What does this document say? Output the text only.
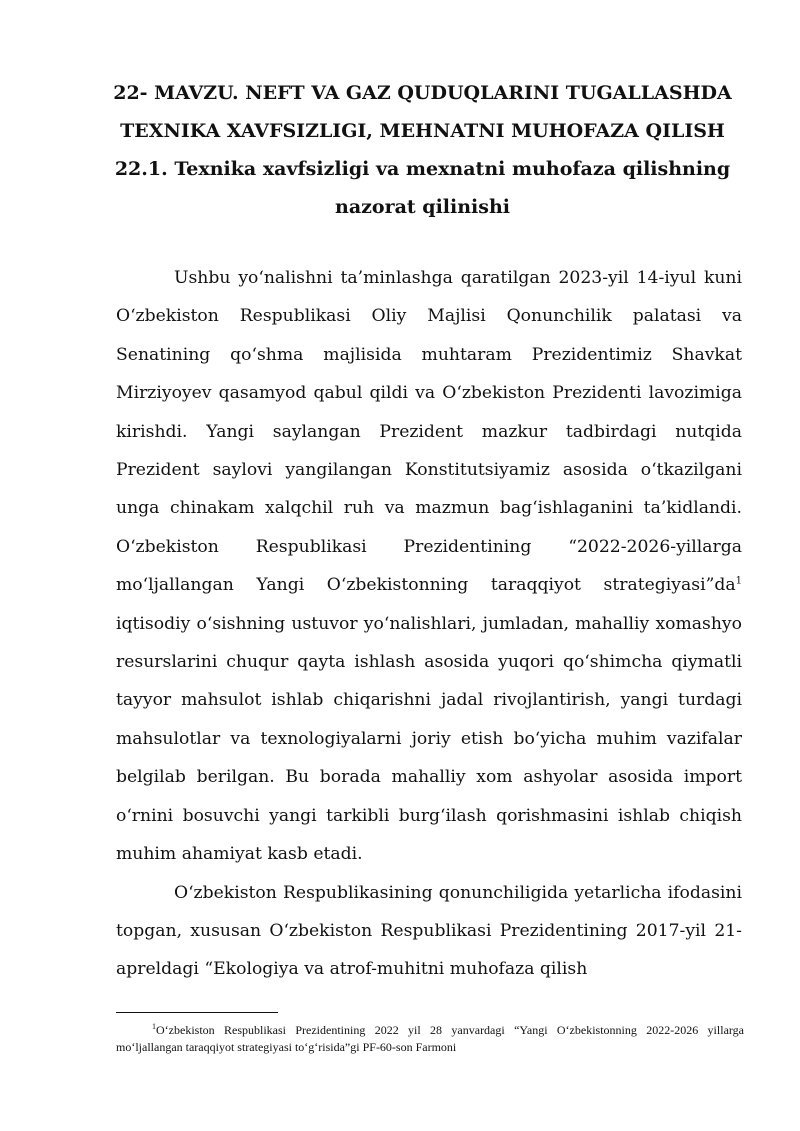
22- MAVZU. NEFT VA GAZ QUDUQLARINI TUGALLASHDA
TEXNIKA XAVFSIZLIGI, MEHNATNI MUHOFAZA QILISH
22.1. Texnika xavfsizligi va mexnatni muhofaza qilishning
nazorat qilinishi

Ushbu yo‘nalishni ta’minlashga qaratilgan 2023-yil 14-iyul kuni O‘zbekiston Respublikasi Oliy Majlisi Qonunchilik palatasi va Senatining qo‘shma majlisida muhtaram Prezidentimiz Shavkat Mirziyoyev qasamyod qabul qildi va O‘zbekiston Prezidenti lavozimiga kirishdi. Yangi saylangan Prezident mazkur tadbirdagi nutqida Prezident saylovi yangilangan Konstitutsiyamiz asosida o‘tkazilgani unga chinakam xalqchil ruh va mazmun bag‘ishlaganini ta’kidlandi. O‘zbekiston Respublikasi Prezidentining “2022-2026-yillarga mo‘ljallangan Yangi O‘zbekistonning taraqqiyot $strategiyasi”da^1$ iqtisodiy o‘sishning ustuvor yo‘nalishlari, jumladan, mahalliy xomashyo resurslarini chuqur qayta ishlash asosida yuqori qo‘shimcha qiymatli tayyor mahsulot ishlab chiqarishni jadal rivojlantirish, yangi turdagi mahsulotlar va texnologiyalarni joriy etish bo‘yicha muhim vazifalar belgilab berilgan. Bu borada mahalliy xom ashyolar asosida import o‘rnini bosuvchi yangi tarkibli burg‘ilash qorishmasini ishlab chiqish muhim ahamiyat kasb etadi.

O‘zbekiston Respublikasining qonunchiligida yetarlicha ifodasini topgan, xususan O‘zbekiston Respublikasi Prezidentining 2017-yil 21-apreldagi “Ekologiya va atrof-muhitni muhofaza qilish

$^1$O‘zbekiston Respublikasi Prezidentining 2022 yil 28 yanvardagi “Yangi O‘zbekistonning 2022-2026 yillarga mo‘ljallangan taraqqiyot strategiyasi to‘g‘risida”gi PF-60-son Farmoni
